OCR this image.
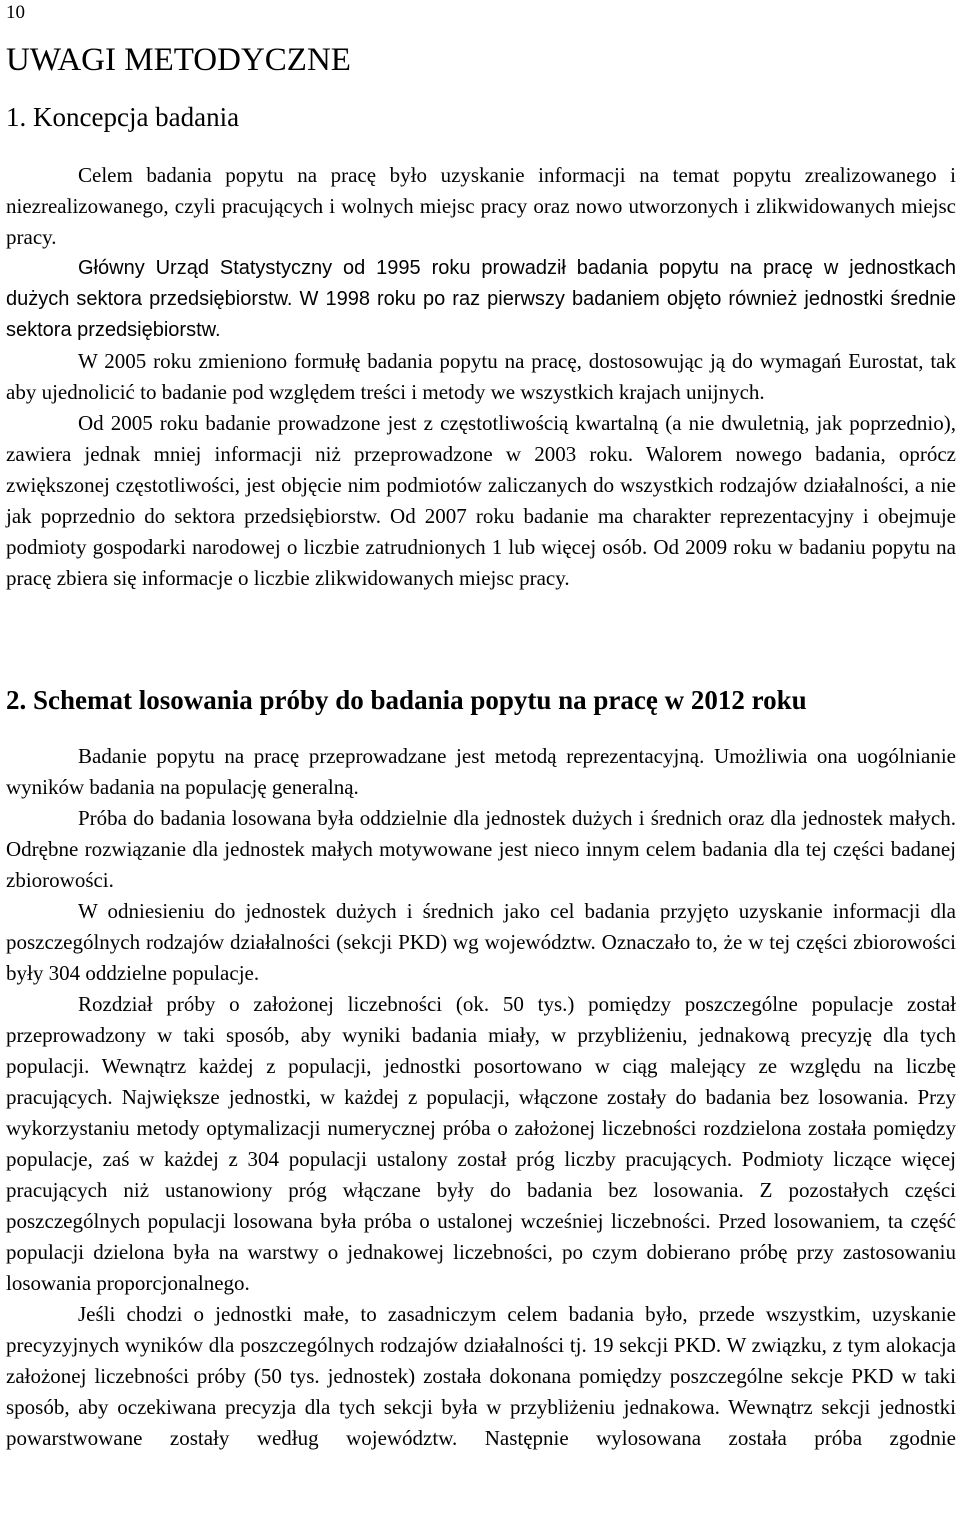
10
UWAGI METODYCZNE
1. Koncepcja badania

Celem badania popytu na pracę było uzyskanie informacji na temat popytu zrealizowanego i niezrealizowanego, czyli pracujących i wolnych miejsc pracy oraz nowo utworzonych i zlikwidowanych miejsc pracy.

Główny Urząd Statystyczny od 1995 roku prowadził badania popytu na pracę w jednostkach dużych sektora przedsiębiorstw. W 1998 roku po raz pierwszy badaniem objęto również jednostki średnie sektora przedsiębiorstw.

W 2005 roku zmieniono formułę badania popytu na pracę, dostosowując ją do wymagań Eurostat, tak aby ujednolicić to badanie pod względem treści i metody we wszystkich krajach unijnych.

Od 2005 roku badanie prowadzone jest z częstotliwością kwartalną (a nie dwuletnią, jak poprzednio), zawiera jednak mniej informacji niż przeprowadzone w 2003 roku. Walorem nowego badania, oprócz zwiększonej częstotliwości, jest objęcie nim podmiotów zaliczanych do wszystkich rodzajów działalności, a nie jak poprzednio do sektora przedsiębiorstw. Od 2007 roku badanie ma charakter reprezentacyjny i obejmuje podmioty gospodarki narodowej o liczbie zatrudnionych 1 lub więcej osób. Od 2009 roku w badaniu popytu na pracę zbiera się informacje o liczbie zlikwidowanych miejsc pracy.

2. Schemat losowania próby do badania popytu na pracę w 2012 roku

Badanie popytu na pracę przeprowadzane jest metodą reprezentacyjną. Umożliwia ona uogólnianie wyników badania na populację generalną.

Próba do badania losowana była oddzielnie dla jednostek dużych i średnich oraz dla jednostek małych. Odrębne rozwiązanie dla jednostek małych motywowane jest nieco innym celem badania dla tej części badanej zbiorowości.

W odniesieniu do jednostek dużych i średnich jako cel badania przyjęto uzyskanie informacji dla poszczególnych rodzajów działalności (sekcji PKD) wg województw. Oznaczało to, że w tej części zbiorowości były 304 oddzielne populacje.

Rozdział próby o założonej liczebności (ok. 50 tys.) pomiędzy poszczególne populacje został przeprowadzony w taki sposób, aby wyniki badania miały, w przybliżeniu, jednakową precyzję dla tych populacji. Wewnątrz każdej z populacji, jednostki posortowano w ciąg malejący ze względu na liczbę pracujących. Największe jednostki, w każdej z populacji, włączone zostały do badania bez losowania. Przy wykorzystaniu metody optymalizacji numerycznej próba o założonej liczebności rozdzielona została pomiędzy populacje, zaś w każdej z 304 populacji ustalony został próg liczby pracujących. Podmioty liczące więcej pracujących niż ustanowiony próg włączane były do badania bez losowania. Z pozostałych części poszczególnych populacji losowana była próba o ustalonej wcześniej liczebności. Przed losowaniem, ta część populacji dzielona była na warstwy o jednakowej liczebności, po czym dobierano próbę przy zastosowaniu losowania proporcjonalnego.

Jeśli chodzi o jednostki małe, to zasadniczym celem badania było, przede wszystkim, uzyskanie precyzyjnych wyników dla poszczególnych rodzajów działalności tj. 19 sekcji PKD. W związku, z tym alokacja założonej liczebności próby (50 tys. jednostek) została dokonana pomiędzy poszczególne sekcje PKD w taki sposób, aby oczekiwana precyzja dla tych sekcji była w przybliżeniu jednakowa. Wewnątrz sekcji jednostki powarstwowane zostały według województw. Następnie wylosowana została próba zgodnie
